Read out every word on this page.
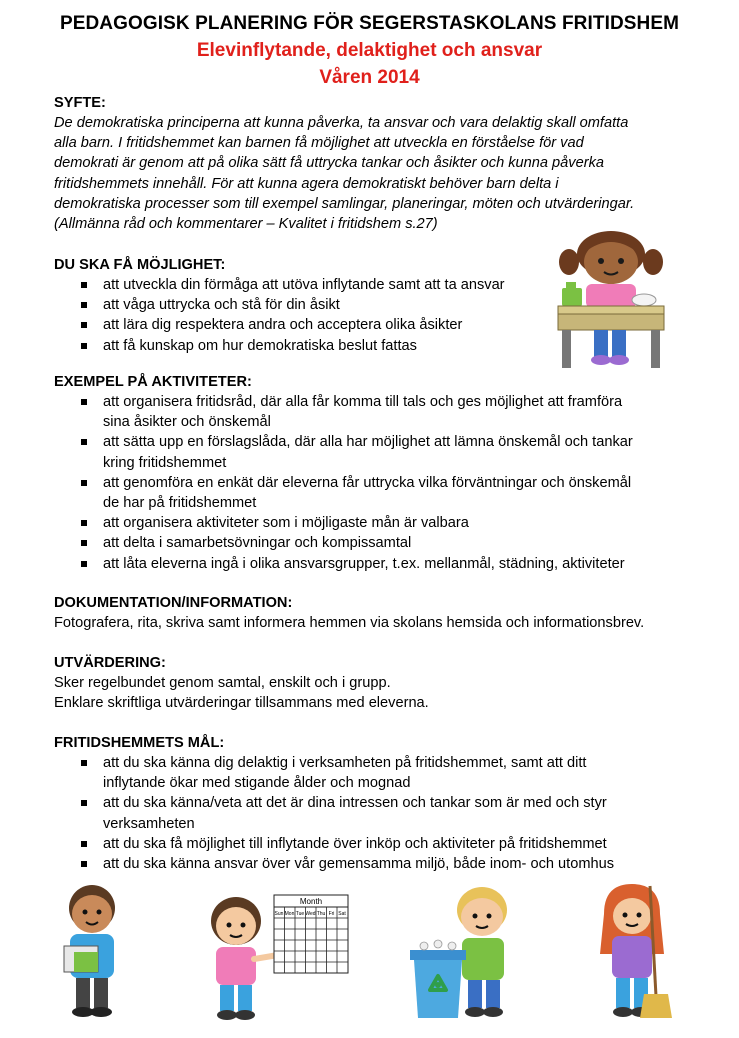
PEDAGOGISK PLANERING FÖR SEGERSTASKOLANS FRITIDSHEM
Elevinflytande, delaktighet och ansvar
Våren 2014
SYFTE:
De demokratiska principerna att kunna påverka, ta ansvar och vara delaktig skall omfatta
alla barn. I fritidshemmet kan barnen få möjlighet att utveckla en förståelse för vad
demokrati är genom att på olika sätt få uttrycka tankar och åsikter och kunna påverka
fritidshemmets innehåll. För att kunna agera demokratiskt behöver barn delta i
demokratiska processer som till exempel samlingar, planeringar, möten och utvärderingar.
(Allmänna råd och kommentarer – Kvalitet i fritidshem s.27)
DU SKA FÅ MÖJLIGHET:
att utveckla din förmåga att utöva inflytande samt att ta ansvar
att våga uttrycka och stå för din åsikt
att lära dig respektera andra och acceptera olika åsikter
att få kunskap om hur demokratiska beslut fattas
EXEMPEL PÅ AKTIVITETER:
att organisera fritidsråd, där alla får komma till tals och ges möjlighet att framföra
sina åsikter och önskemål
att sätta upp en förslagslåda, där alla har möjlighet att lämna önskemål och tankar
kring fritidshemmet
att genomföra en enkät där eleverna får uttrycka vilka förväntningar och önskemål
de har på fritidshemmet
att organisera aktiviteter som i möjligaste mån är valbara
att delta i samarbetsövningar och kompissamtal
att låta eleverna ingå i olika ansvarsgrupper, t.ex. mellanmål, städning, aktiviteter
DOKUMENTATION/INFORMATION:
Fotografera, rita, skriva samt informera hemmen via skolans hemsida och informationsbrev.
UTVÄRDERING:
Sker regelbundet genom samtal, enskilt och i grupp.
Enklare skriftliga utvärderingar tillsammans med eleverna.
FRITIDSHEMMETS MÅL:
att du ska känna dig delaktig i verksamheten på fritidshemmet, samt att ditt
inflytande ökar med stigande ålder och mognad
att du ska känna/veta att det är dina intressen och tankar som är med och styr
verksamheten
att du ska få möjlighet till inflytande över inköp och aktiviteter på fritidshemmet
att du ska känna ansvar över vår gemensamma miljö, både inom- och utomhus
Month
Sun Mon Tue Wed Thu Fri Sat
